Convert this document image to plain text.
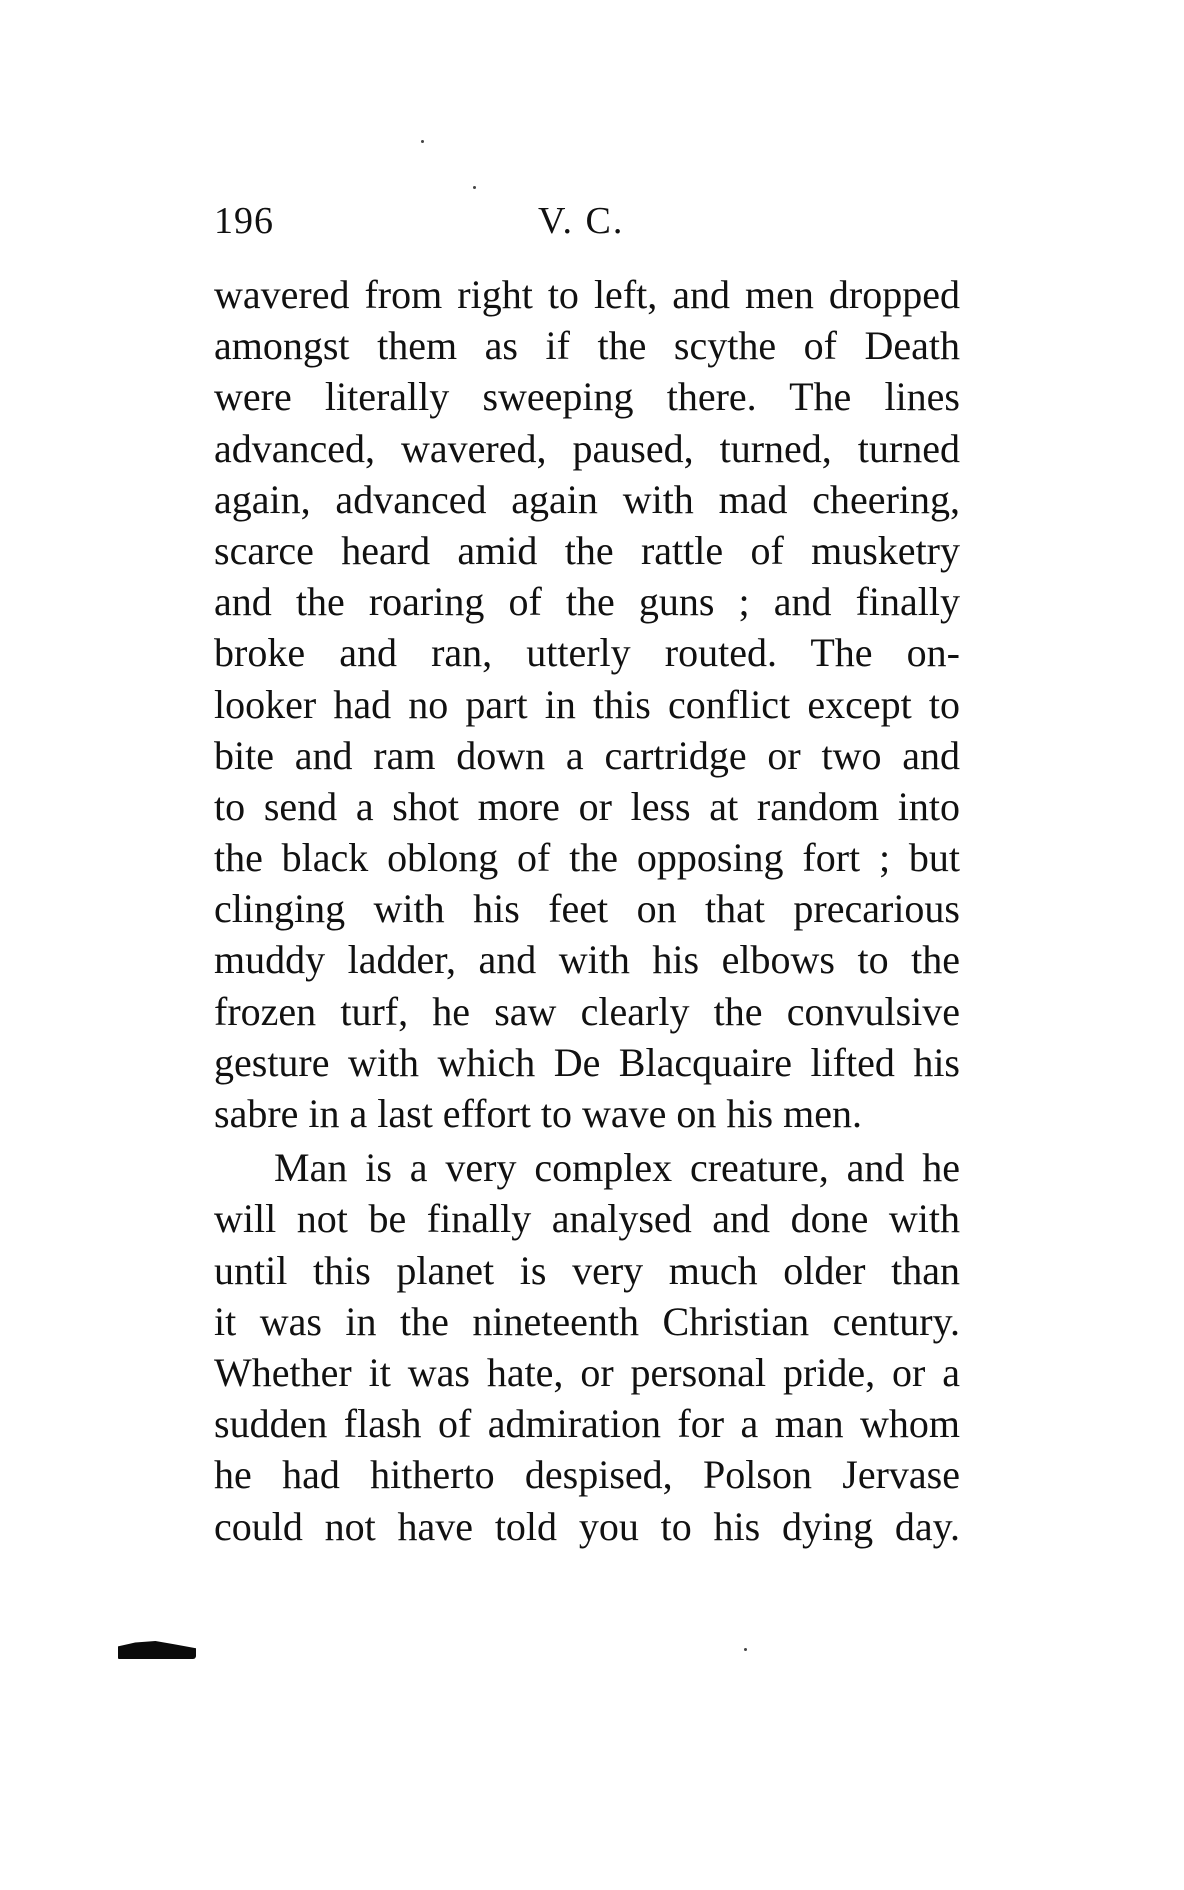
196	V. C.
wavered from right to left, and men dropped
amongst them as if the scythe of Death
were literally sweeping there. The lines
advanced, wavered, paused, turned, turned
again, advanced again with mad cheering,
scarce heard amid the rattle of musketry
and the roaring of the guns ; and finally
broke and ran, utterly routed. The on-
looker had no part in this conflict except to
bite and ram down a cartridge or two and
to send a shot more or less at random into
the black oblong of the opposing fort ; but
clinging with his feet on that precarious
muddy ladder, and with his elbows to the
frozen turf, he saw clearly the convulsive
gesture with which De Blacquaire lifted his
sabre in a last effort to wave on his men.
Man is a very complex creature, and he
will not be finally analysed and done with
until this planet is very much older than
it was in the nineteenth Christian century.
Whether it was hate, or personal pride, or a
sudden flash of admiration for a man whom
he had hitherto despised, Polson Jervase
could not have told you to his dying day.
